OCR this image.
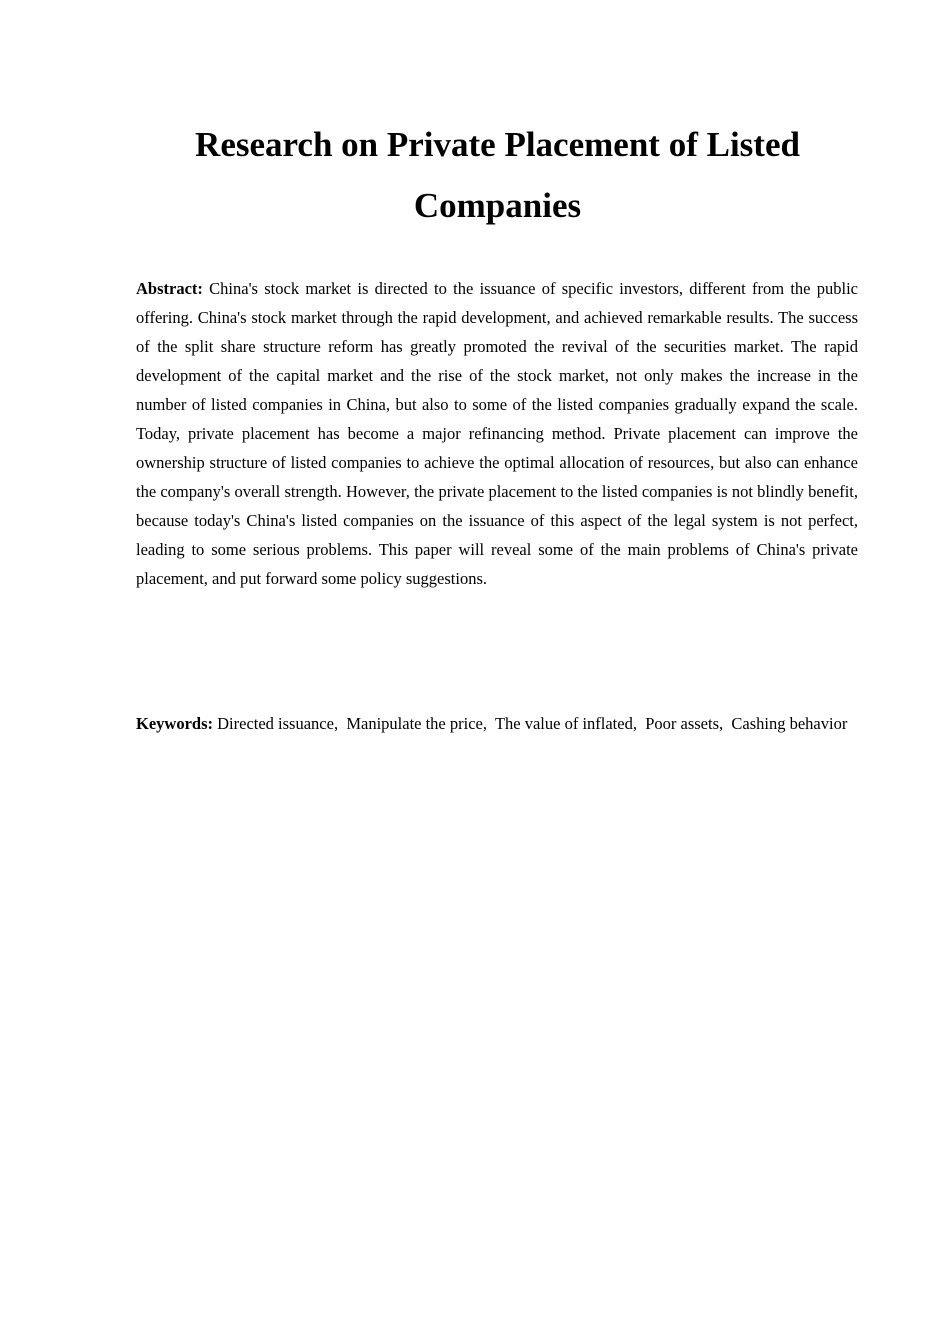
Research on Private Placement of Listed Companies

Abstract: China's stock market is directed to the issuance of specific investors, different from the public offering. China's stock market through the rapid development, and achieved remarkable results. The success of the split share structure reform has greatly promoted the revival of the securities market. The rapid development of the capital market and the rise of the stock market, not only makes the increase in the number of listed companies in China, but also to some of the listed companies gradually expand the scale. Today, private placement has become a major refinancing method. Private placement can improve the ownership structure of listed companies to achieve the optimal allocation of resources, but also can enhance the company's overall strength. However, the private placement to the listed companies is not blindly benefit, because today's China's listed companies on the issuance of this aspect of the legal system is not perfect, leading to some serious problems. This paper will reveal some of the main problems of China's private placement, and put forward some policy suggestions.

Keywords: Directed issuance,  Manipulate the price,  The value of inflated,  Poor assets,  Cashing behavior
